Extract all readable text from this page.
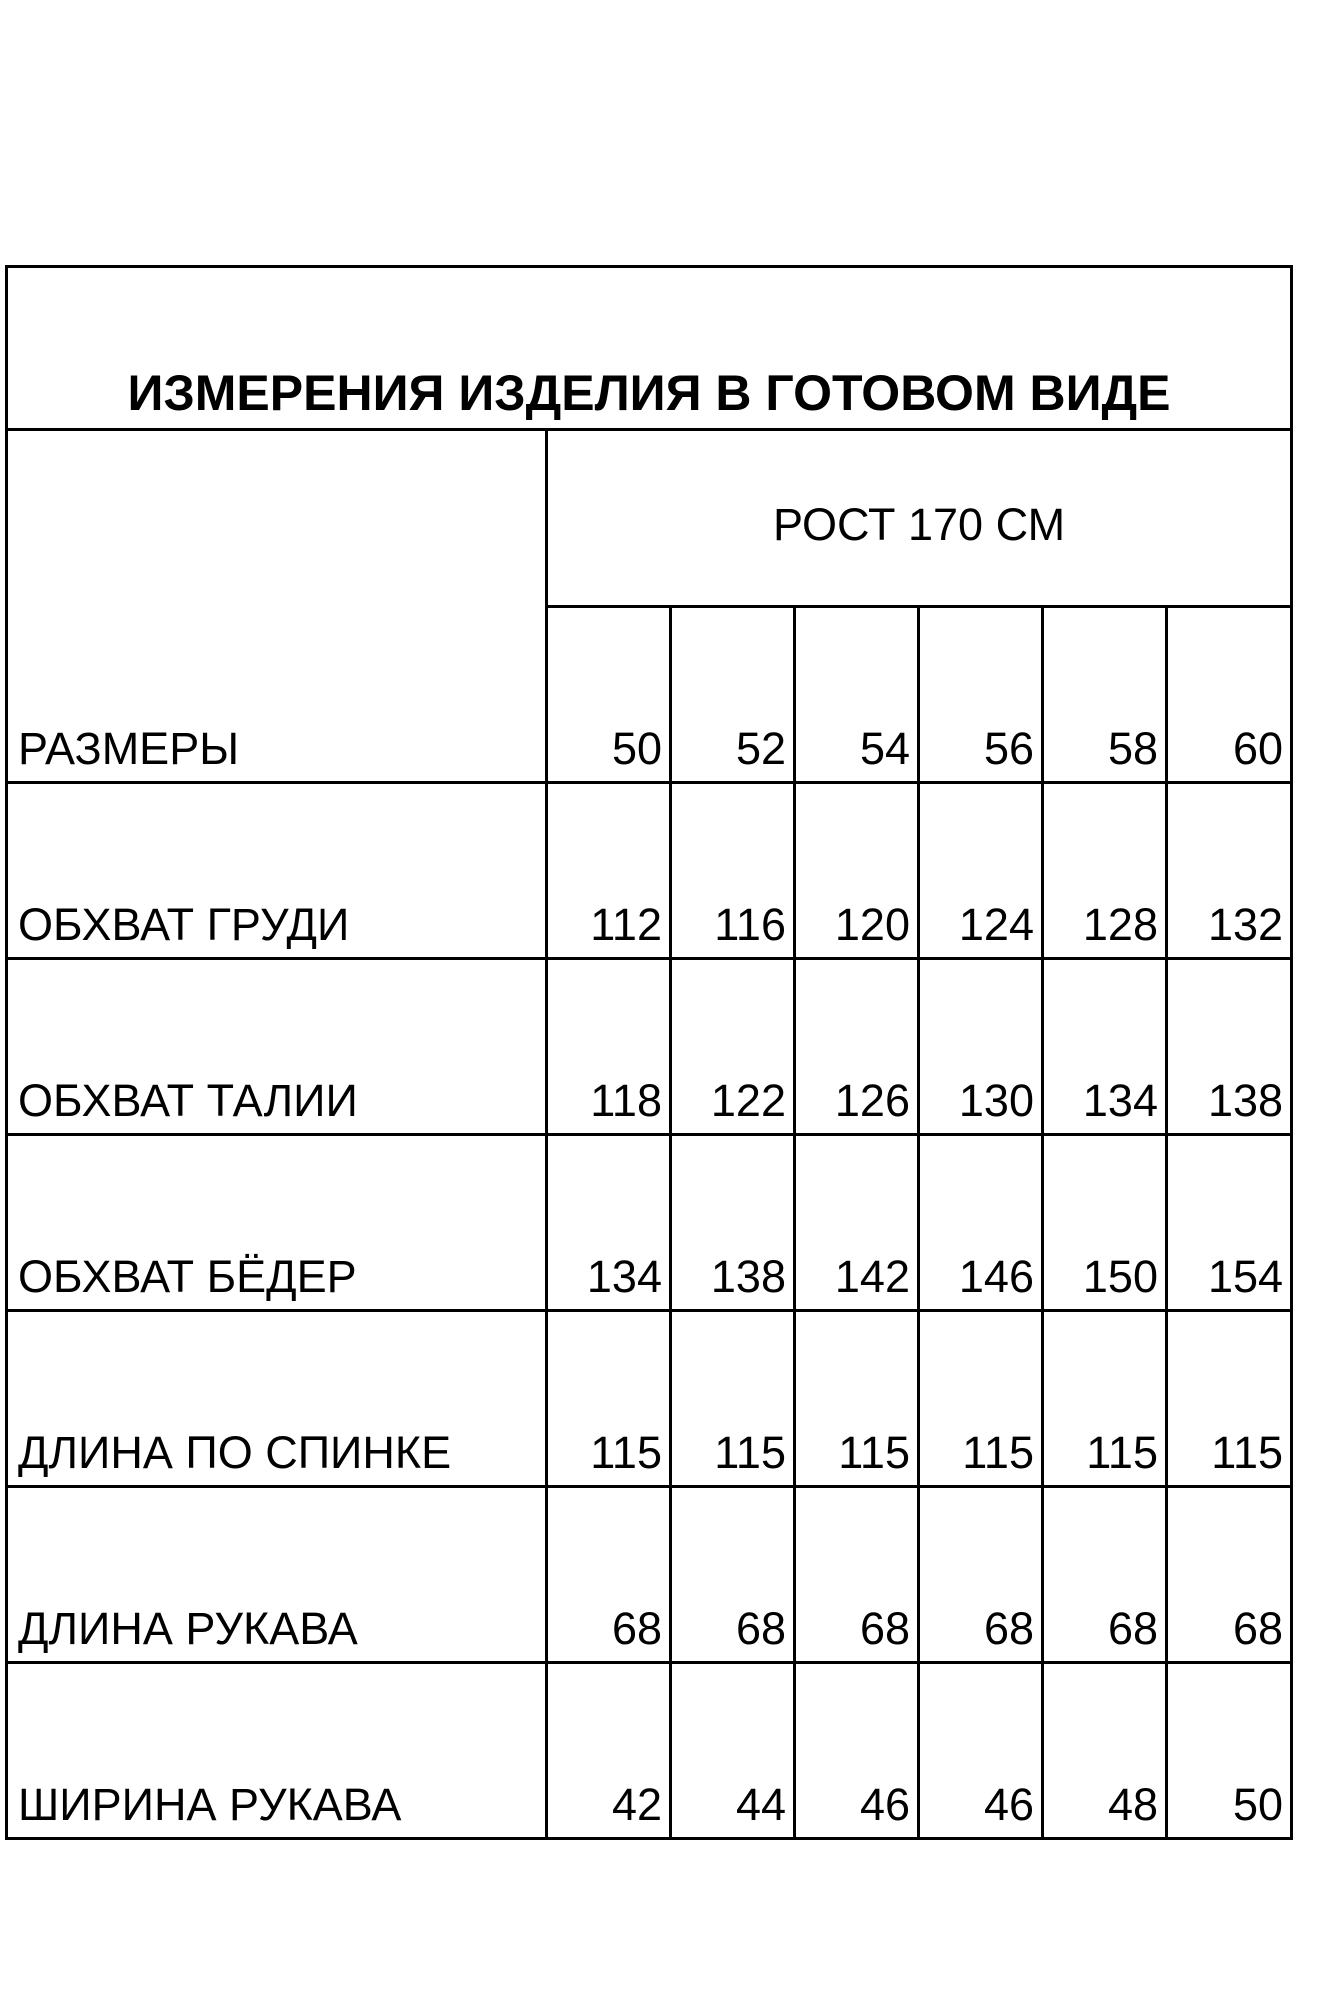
ИЗМЕРЕНИЯ ИЗДЕЛИЯ В ГОТОВОМ ВИДЕ						
	РОСТ 170 СМ					
РАЗМЕРЫ	50	52	54	56	58	60
ОБХВАТ ГРУДИ	112	116	120	124	128	132
ОБХВАТ ТАЛИИ	118	122	126	130	134	138
ОБХВАТ БЁДЕР	134	138	142	146	150	154
ДЛИНА ПО СПИНКЕ	115	115	115	115	115	115
ДЛИНА РУКАВА	68	68	68	68	68	68
ШИРИНА РУКАВА	42	44	46	46	48	50
